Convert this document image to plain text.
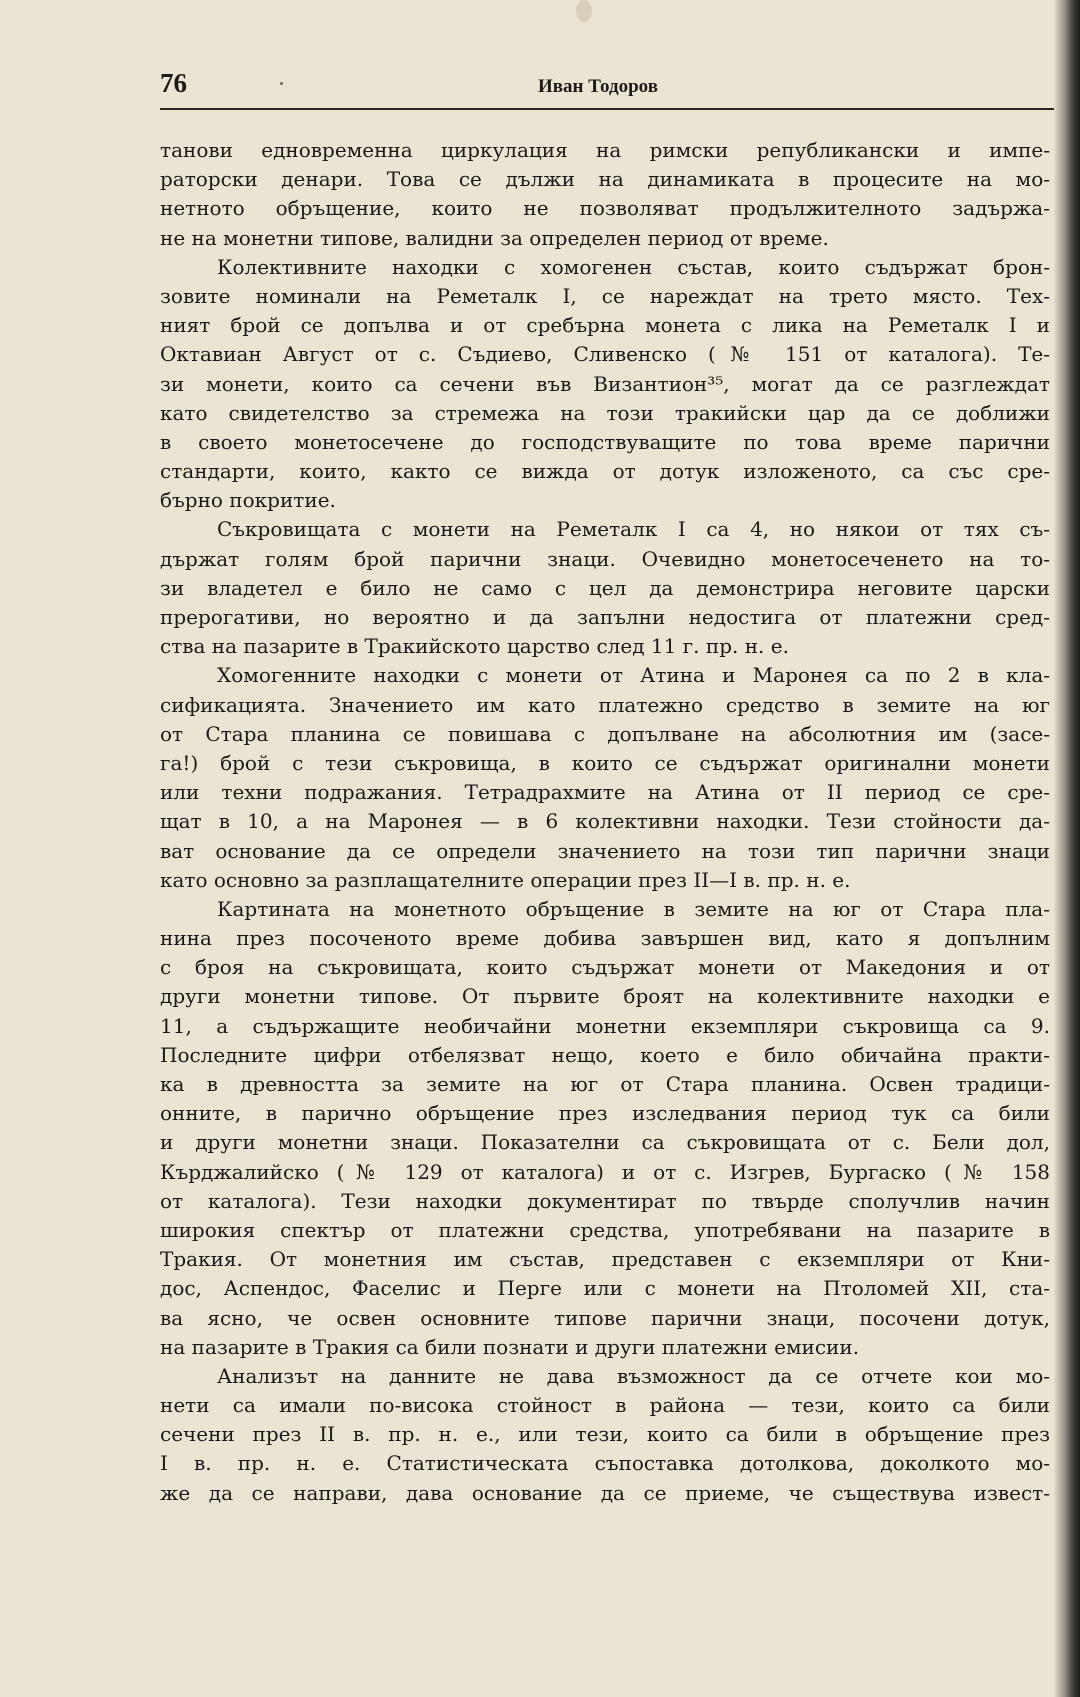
76	Иван Тодоров
танови едновременна циркулация на римски републикански и импе-
раторски денари. Това се дължи на динамиката в процесите на мо-
нетното обръщение, които не позволяват продължителното задържа-
не на монетни типове, валидни за определен период от време.
Колективните находки с хомогенен състав, които съдържат брон-
зовите номинали на Реметалк I, се нареждат на трето място. Тех-
ният брой се допълва и от сребърна монета с лика на Реметалк I и
Октавиан Август от с. Съдиево, Сливенско (№ 151 от каталога). Те-
зи монети, които са сечени във Византион³⁵, могат да се разглеждат
като свидетелство за стремежа на този тракийски цар да се доближи
в своето монетосечене до господствуващите по това време парични
стандарти, които, както се вижда от дотук изложеното, са със сре-
бърно покритие.
Съкровищата с монети на Реметалк I са 4, но някои от тях съ-
държат голям брой парични знаци. Очевидно монетосеченето на то-
зи владетел е било не само с цел да демонстрира неговите царски
прерогативи, но вероятно и да запълни недостига от платежни сред-
ства на пазарите в Тракийското царство след 11 г. пр. н. е.
Хомогенните находки с монети от Атина и Маронея са по 2 в кла-
сификацията. Значението им като платежно средство в земите на юг
от Стара планина се повишава с допълване на абсолютния им (засе-
га!) брой с тези съкровища, в които се съдържат оригинални монети
или техни подражания. Тетрадрахмите на Атина от II период се сре-
щат в 10, а на Маронея — в 6 колективни находки. Тези стойности да-
ват основание да се определи значението на този тип парични знаци
като основно за разплащателните операции през II—I в. пр. н. е.
Картината на монетното обръщение в земите на юг от Стара пла-
нина през посоченото време добива завършен вид, като я допълним
с броя на съкровищата, които съдържат монети от Македония и от
други монетни типове. От първите броят на колективните находки е
11, а съдържащите необичайни монетни екземпляри съкровища са 9.
Последните цифри отбелязват нещо, което е било обичайна практи-
ка в древността за земите на юг от Стара планина. Освен традици-
онните, в парично обръщение през изследвания период тук са били
и други монетни знаци. Показателни са съкровищата от с. Бели дол,
Кърджалийско (№ 129 от каталога) и от с. Изгрев, Бургаско (№ 158
от каталога). Тези находки документират по твърде сполучлив начин
широкия спектър от платежни средства, употребявани на пазарите в
Тракия. От монетния им състав, представен с екземпляри от Кни-
дос, Аспендос, Фаселис и Перге или с монети на Птоломей XII, ста-
ва ясно, че освен основните типове парични знаци, посочени дотук,
на пазарите в Тракия са били познати и други платежни емисии.
Анализът на данните не дава възможност да се отчете кои мо-
нети са имали по-висока стойност в района — тези, които са били
сечени през II в. пр. н. е., или тези, които са били в обръщение през
I в. пр. н. е. Статистическата съпоставка дотолкова, доколкото мо-
же да се направи, дава основание да се приеме, че съществува извест-
